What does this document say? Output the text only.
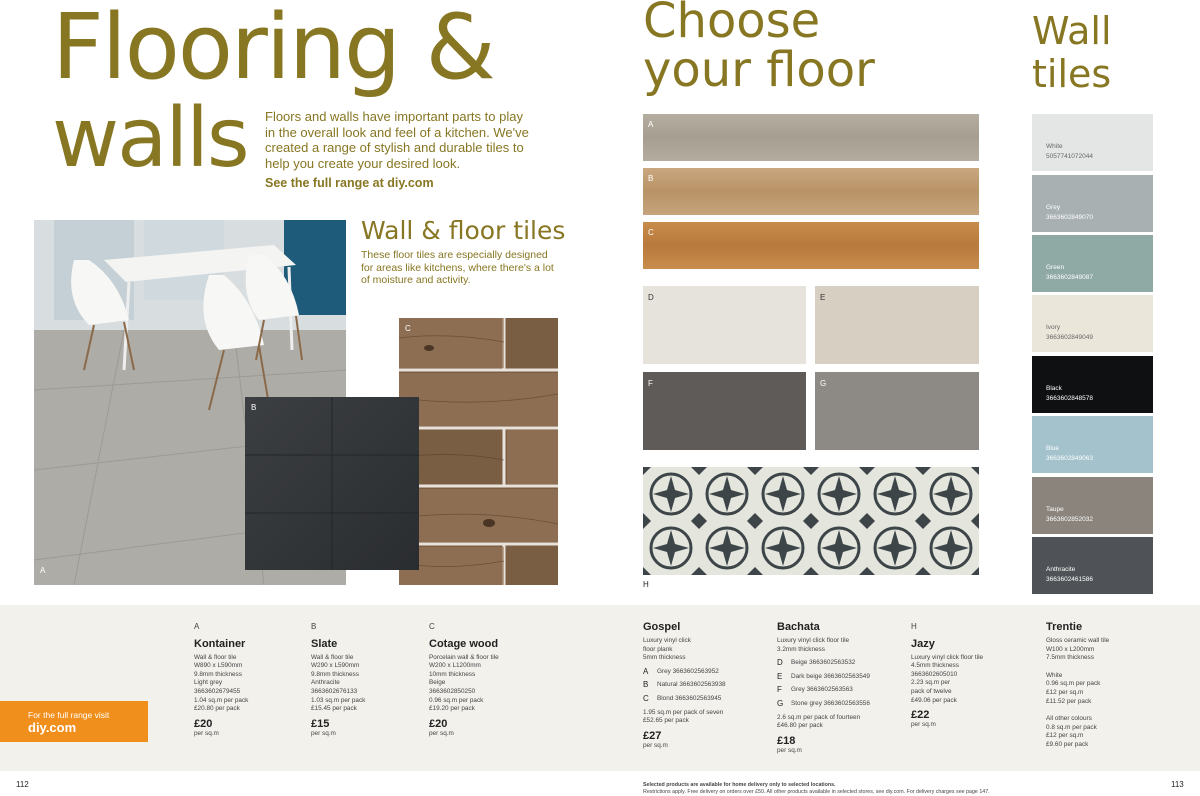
Flooring &
walls Floors and walls have important parts to play in the overall look and feel of a kitchen. We've created a range of stylish and durable tiles to help you create your desired look.
See the full range at diy.com
A
Wall & floor tiles
These floor tiles are especially designed for areas like kitchens, where there's a lot of moisture and activity.
C
B
Choose
your floor
Wall
tiles
A
B
C
D	E
F	G
H
White
5057741072044
Grey
3663602849070
Green
3663602849087
Ivory
3663602849049
Black
3663602848578
Blue
3663602849063
Taupe
3663602852032
Anthracite
3663602461586
For the full range visit
diy.com
A
Kontainer
Wall & floor tile
W890 x L590mm
9.8mm thickness
Light grey
3663602679455
1.04 sq.m per pack
£20.80 per pack
£20
per sq.m
B
Slate
Wall & floor tile
W290 x L590mm
9.8mm thickness
Anthracite
3663602676133
1.03 sq.m per pack
£15.45 per pack
£15
per sq.m
C
Cotage wood
Porcelain wall & floor tile
W200 x L1200mm
10mm thickness
Beige
3663602850250
0.96 sq.m per pack
£19.20 per pack
£20
per sq.m
Gospel
Luxury vinyl click
floor plank
5mm thickness
A	Grey 3663602563952
B	Natural 3663602563938
C	Blond 3663602563945
1.95 sq.m per pack of seven
£52.65 per pack
£27
per sq.m
Bachata
Luxury vinyl click floor tile
3.2mm thickness
D	Beige 3663602563532
E	Dark beige 3663602563549
F	Grey 3663602563563
G	Stone grey 3663602563556
2.6 sq.m per pack of fourteen
£46.80 per pack
£18
per sq.m
H
Jazy
Luxury vinyl click floor tile
4.5mm thickness
3663602605010
2.23 sq.m per
pack of twelve
£49.06 per pack
£22
per sq.m
Trentie
Gloss ceramic wall tile
W100 x L200mm
7.5mm thickness
White
0.96 sq.m per pack
£12 per sq.m
£11.52 per pack
All other colours
0.8 sq.m per pack
£12 per sq.m
£9.60 per pack
112	113
Selected products are available for home delivery only to selected locations.
Restrictions apply. Free delivery on orders over £50. All other products available in selected stores, see diy.com. For delivery charges see page 147.
